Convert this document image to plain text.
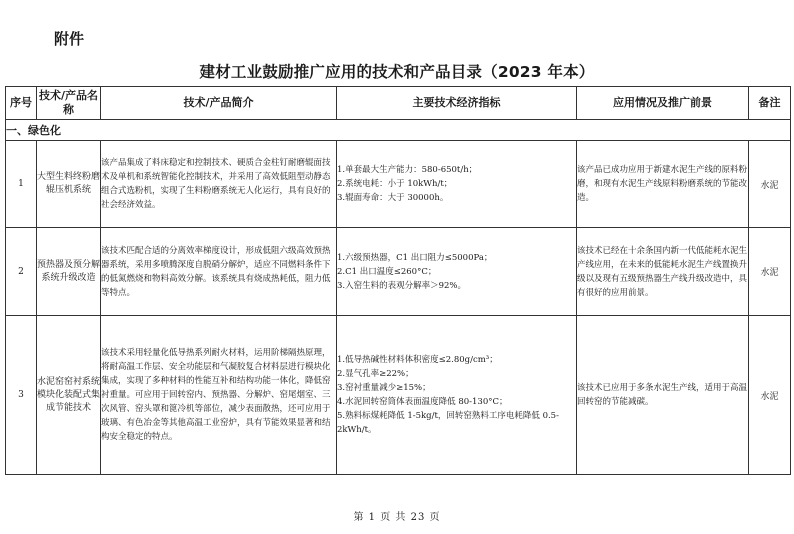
附件
建材工业鼓励推广应用的技术和产品目录（2023 年本）
序号	技术/产品名称	技术/产品简介	主要技术经济指标	应用情况及推广前景	备注
一、绿色化					
1	大型生料终粉磨辊压机系统	该产品集成了料床稳定和控制技术、硬质合金柱钉耐磨辊面技术及单机和系统智能化控制技术，并采用了高效低阻型动静态组合式选粉机，实现了生料粉磨系统无人化运行，具有良好的社会经济效益。	1.单套最大生产能力：580-650t/h；
2.系统电耗：小于 10kWh/t；
3.辊面寿命：大于 30000h。	该产品已成功应用于新建水泥生产线的原料粉磨，和现有水泥生产线原料粉磨系统的节能改造。	水泥
2	预热器及预分解系统升级改造	该技术匹配合适的分离效率梯度设计，形成低阻六级高效预热器系统，采用多喷腾深度自脱硝分解炉，适应不同燃料条件下的低氮燃烧和物料高效分解。该系统具有烧成热耗低，阻力低等特点。	1.六级预热器，C1 出口阻力≤5000Pa；
2.C1 出口温度≤260°C；
3.入窑生料的表观分解率＞92%。	该技术已经在十余条国内新一代低能耗水泥生产线应用，在未来的低能耗水泥生产线置换升级以及现有五级预热器生产线升级改造中，具有很好的应用前景。	水泥
3	水泥窑窑衬系统模块化装配式集成节能技术	该技术采用轻量化低导热系列耐火材料，运用阶梯隔热原理，将耐高温工作层、安全功能层和气凝胶复合材料层进行模块化集成，实现了多种材料的性能互补和结构功能一体化，降低窑衬重量。可应用于回转窑内、预热器、分解炉、窑尾烟室、三次风管、窑头罩和篦冷机等部位，减少表面散热，还可应用于玻璃、有色冶金等其他高温工业窑炉，具有节能效果显著和结构安全稳定的特点。	1.低导热碱性材料体积密度≤2.80g/cm³；
2.显气孔率≥22%；
3.窑衬重量减少≥15%；
4.水泥回转窑筒体表面温度降低 80-130°C；
5.熟料标煤耗降低 1-5kg/t，回转窑熟料工序电耗降低 0.5-2kWh/t。	该技术已应用于多条水泥生产线，适用于高温回转窑的节能减碳。	水泥
第 1 页 共 23 页
